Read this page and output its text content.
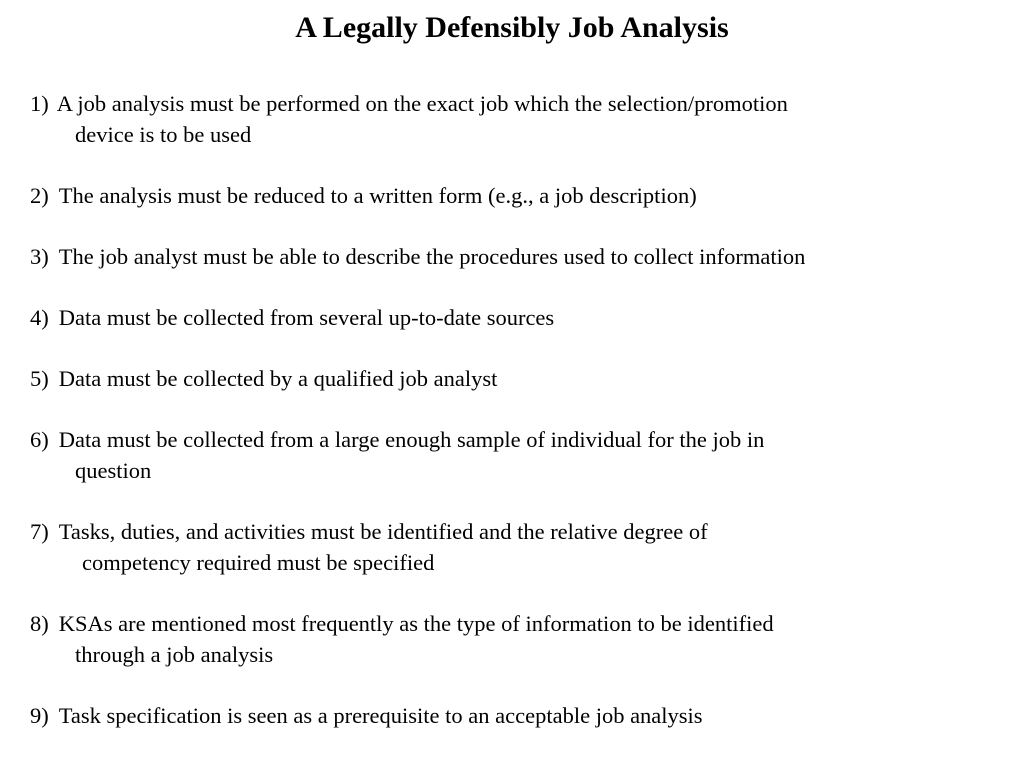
A Legally Defensibly Job Analysis
1) A job analysis must be performed on the exact job which the selection/promotion
device is to be used
2) The analysis must be reduced to a written form (e.g., a job description)
3) The job analyst must be able to describe the procedures used to collect information
4) Data must be collected from several up-to-date sources
5) Data must be collected by a qualified job analyst
6) Data must be collected from a large enough sample of individual for the job in
question
7) Tasks, duties, and activities must be identified and the relative degree of
competency required must be specified
8) KSAs are mentioned most frequently as the type of information to be identified
through a job analysis
9) Task specification is seen as a prerequisite to an acceptable job analysis
